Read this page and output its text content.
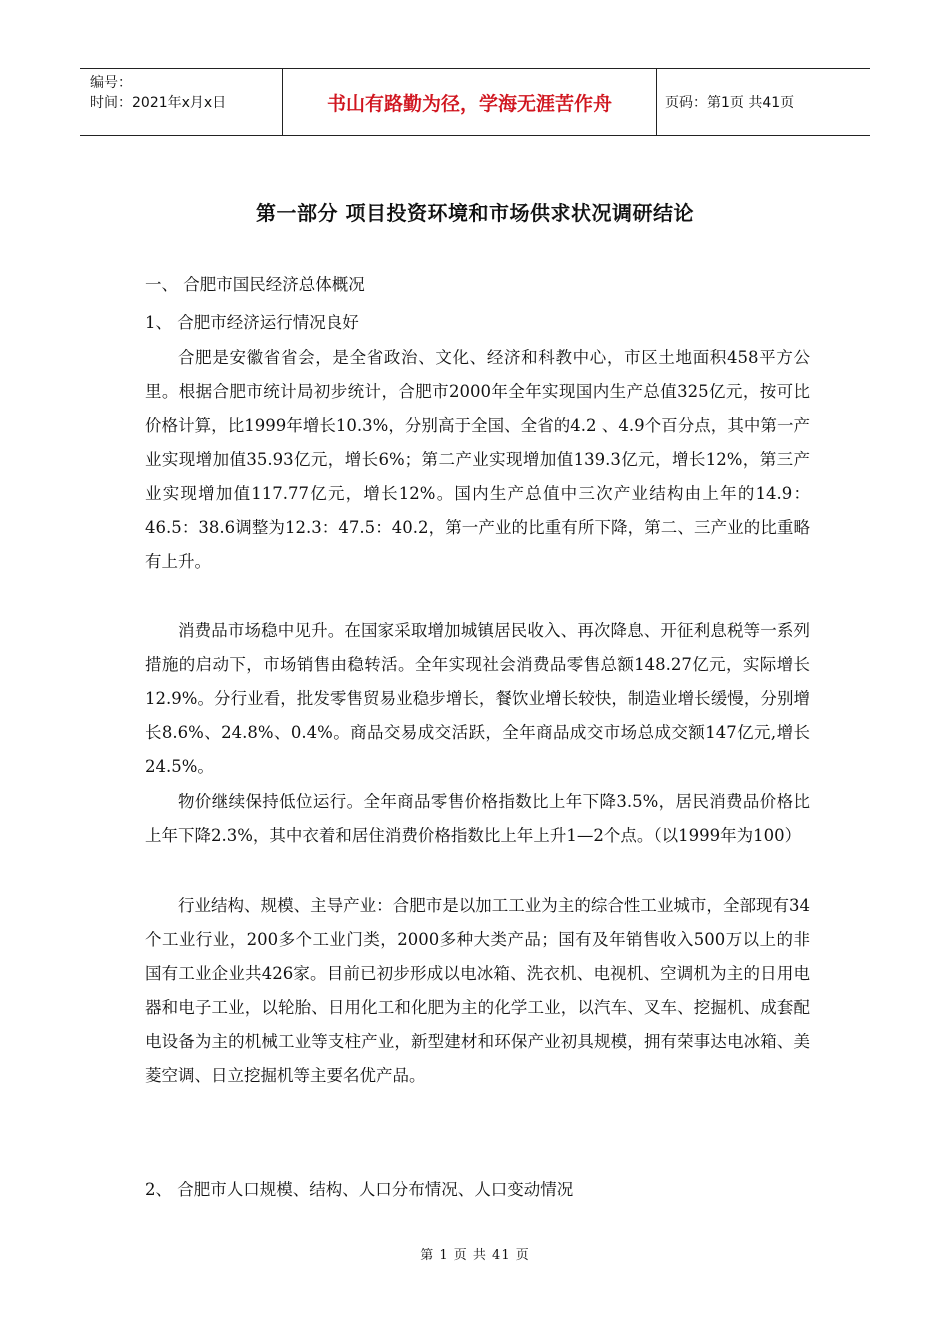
编号：
时间：2021年x月x日	书山有路勤为径，学海无涯苦作舟	页码：第1页 共41页
第一部分 项目投资环境和市场供求状况调研结论
一、 合肥市国民经济总体概况
1、 合肥市经济运行情况良好
合肥是安徽省省会，是全省政治、文化、经济和科教中心，市区土地面积458平方公里。根据合肥市统计局初步统计，合肥市2000年全年实现国内生产总值325亿元，按可比价格计算，比1999年增长10.3%，分别高于全国、全省的4.2 、4.9个百分点，其中第一产业实现增加值35.93亿元，增长6%；第二产业实现增加值139.3亿元，增长12%，第三产业实现增加值117.77亿元，增长12%。国内生产总值中三次产业结构由上年的14.9：46.5：38.6调整为12.3：47.5：40.2，第一产业的比重有所下降，第二、三产业的比重略有上升。
消费品市场稳中见升。在国家采取增加城镇居民收入、再次降息、开征利息税等一系列措施的启动下，市场销售由稳转活。全年实现社会消费品零售总额148.27亿元，实际增长12.9%。分行业看，批发零售贸易业稳步增长，餐饮业增长较快，制造业增长缓慢，分别增长8.6%、24.8%、0.4%。商品交易成交活跃，全年商品成交市场总成交额147亿元,增长24.5%。
物价继续保持低位运行。全年商品零售价格指数比上年下降3.5%，居民消费品价格比上年下降2.3%，其中衣着和居住消费价格指数比上年上升1—2个点。（以1999年为100）
行业结构、规模、主导产业：合肥市是以加工工业为主的综合性工业城市，全部现有34个工业行业，200多个工业门类，2000多种大类产品；国有及年销售收入500万以上的非国有工业企业共426家。目前已初步形成以电冰箱、洗衣机、电视机、空调机为主的日用电器和电子工业，以轮胎、日用化工和化肥为主的化学工业，以汽车、叉车、挖掘机、成套配电设备为主的机械工业等支柱产业，新型建材和环保产业初具规模，拥有荣事达电冰箱、美菱空调、日立挖掘机等主要名优产品。
2、 合肥市人口规模、结构、人口分布情况、人口变动情况
第 1 页 共 41 页
